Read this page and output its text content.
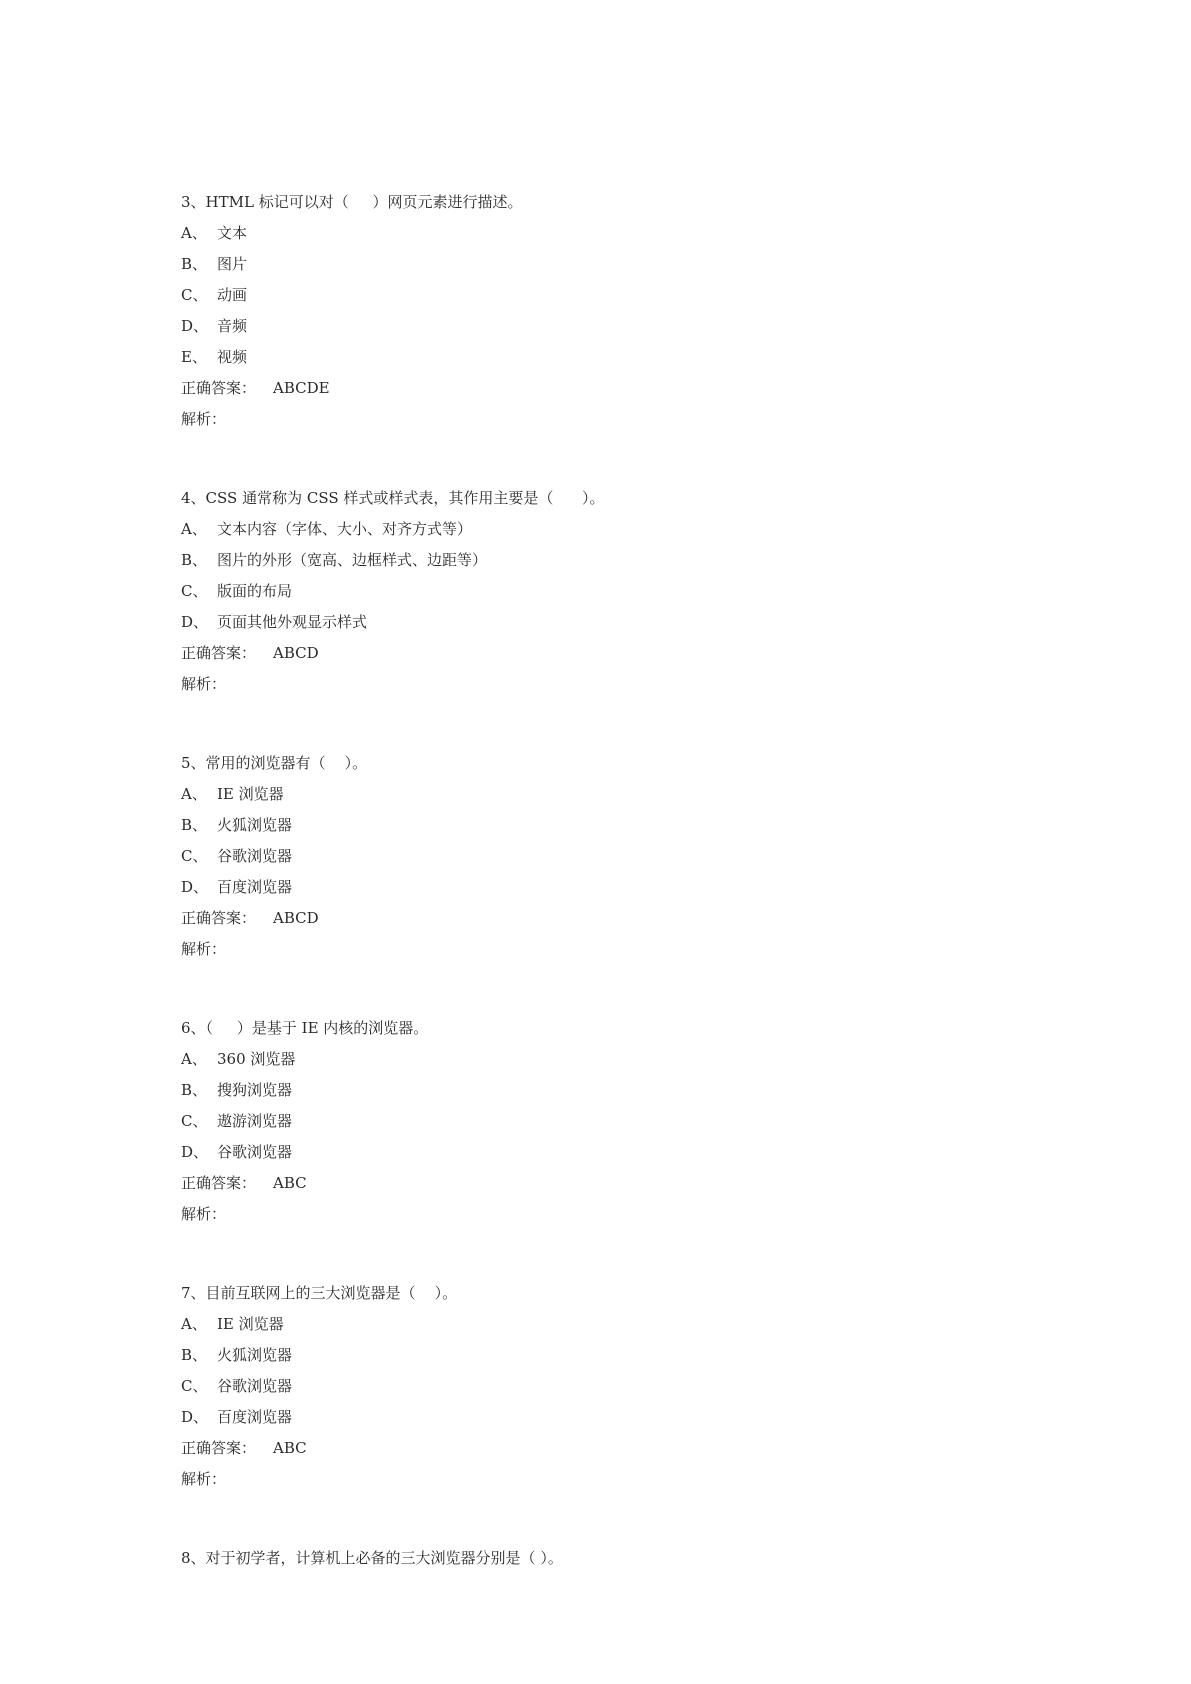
3、HTML 标记可以对（     ）网页元素进行描述。
A、 文本
B、 图片
C、 动画
D、 音频
E、 视频
正确答案： ABCDE
解析：
4、CSS 通常称为 CSS 样式或样式表，其作用主要是（      ）。
A、 文本内容（字体、大小、对齐方式等）
B、 图片的外形（宽高、边框样式、边距等）
C、 版面的布局
D、 页面其他外观显示样式
正确答案： ABCD
解析：
5、常用的浏览器有（    ）。
A、 IE 浏览器
B、 火狐浏览器
C、 谷歌浏览器
D、 百度浏览器
正确答案： ABCD
解析：
6、（     ）是基于 IE 内核的浏览器。
A、 360 浏览器
B、 搜狗浏览器
C、 遨游浏览器
D、 谷歌浏览器
正确答案： ABC
解析：
7、目前互联网上的三大浏览器是（    ）。
A、 IE 浏览器
B、 火狐浏览器
C、 谷歌浏览器
D、 百度浏览器
正确答案： ABC
解析：
8、对于初学者，计算机上必备的三大浏览器分别是（ ）。
